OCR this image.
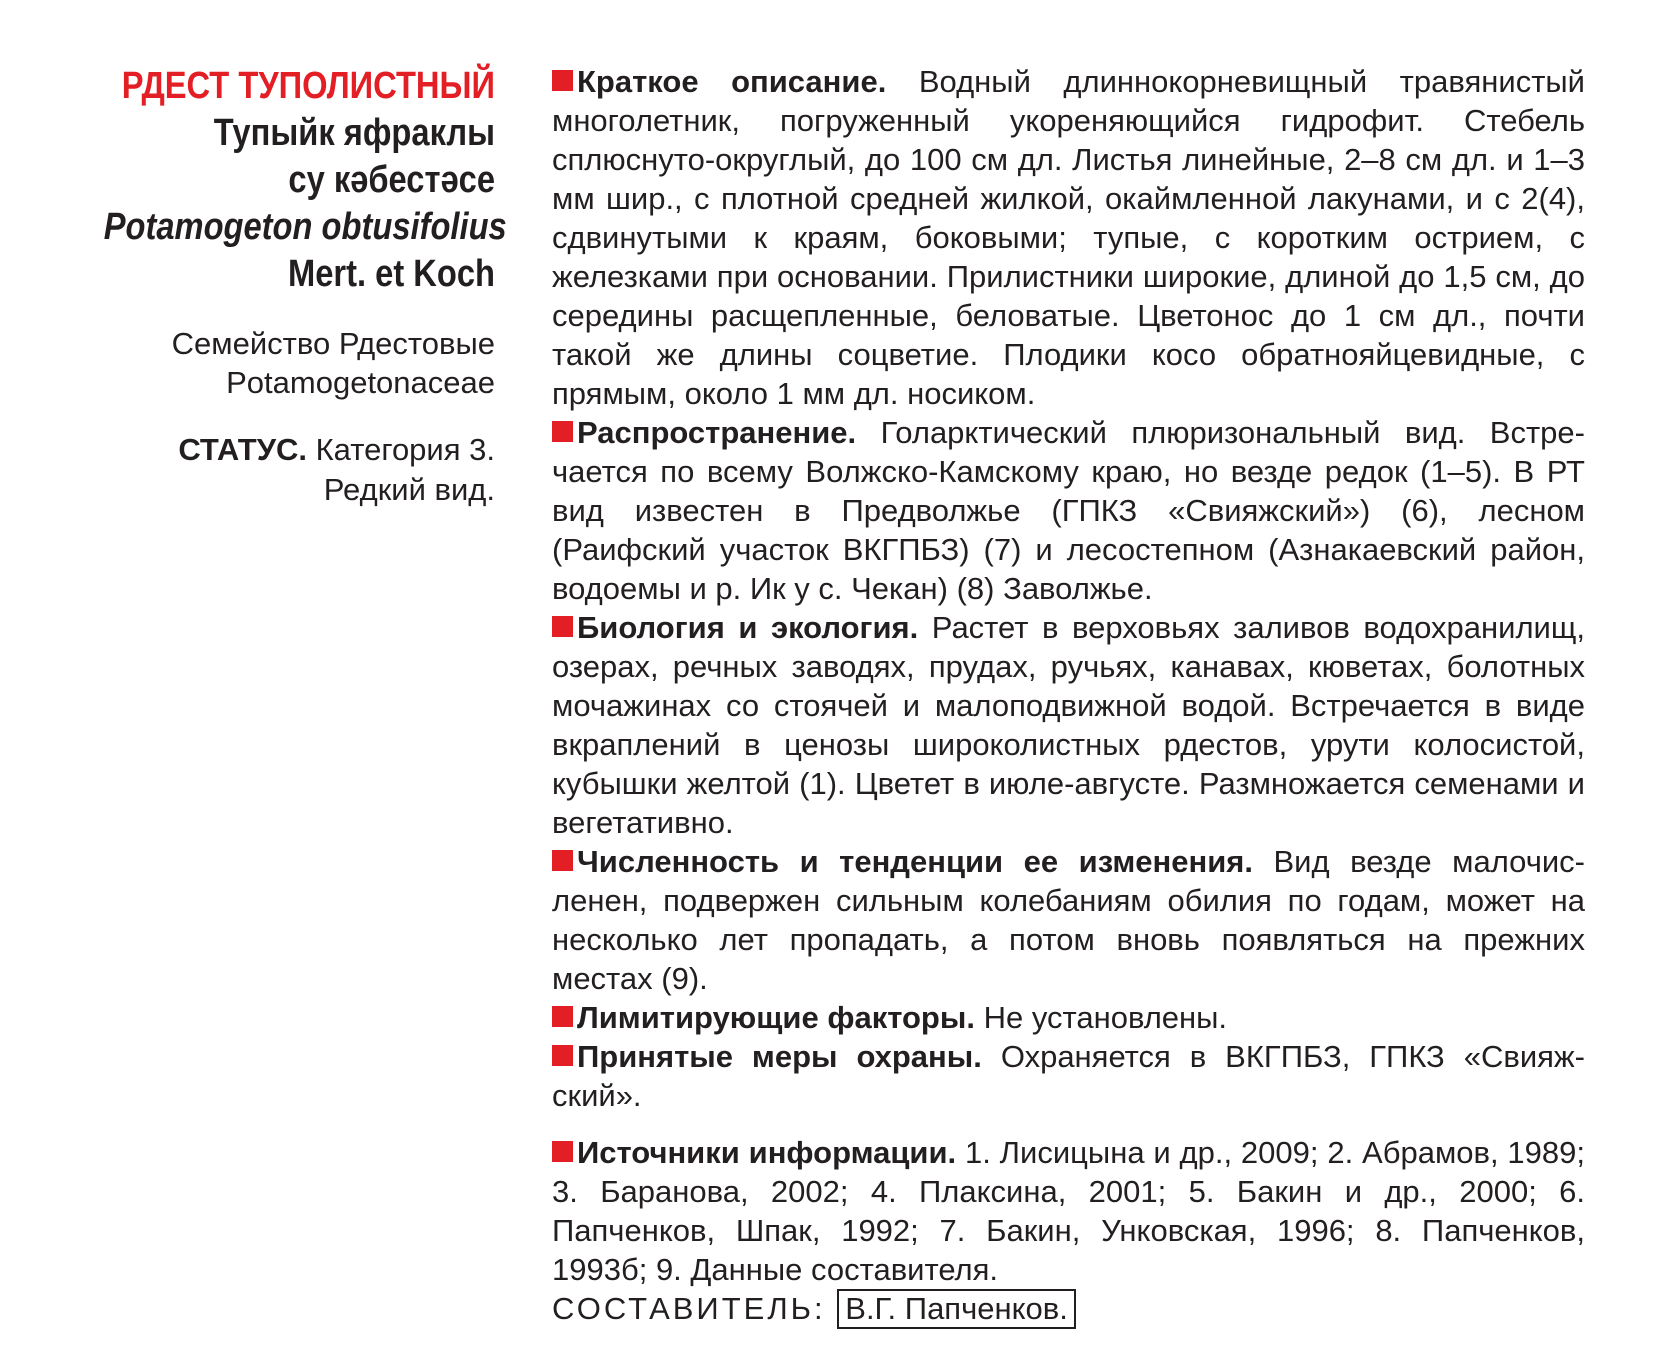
РДЕСТ ТУПОЛИСТНЫЙ
Тупыйк яфраклы
су кәбестәсе
Potamogeton obtusifolius
Mert. et Koch
Семейство Рдестовые
Potamogetonaceae
СТАТУС. Категория 3.
Редкий вид.

Краткое описание. Водный длиннокорневищный травянистый многолетник, погруженный укореняющийся гидрофит. Стебель сплюснуто-округлый, до 100 см дл. Листья линейные, 2–8 см дл. и 1–3 мм шир., с плотной средней жилкой, окаймленной лакунами, и с 2(4), сдвинутыми к краям, боковыми; тупые, с коротким острием, с железками при основании. Прилистники широкие, длиной до 1,5 см, до середины расщепленные, беловатые. Цветонос до 1 см дл., почти такой же длины соцветие. Плодики косо обратнояйцевидные, с прямым, около 1 мм дл. носиком.

Распространение. Голарктический плюризональный вид. Встречается по всему Волжско-Камскому краю, но везде редок (1–5). В РТ вид известен в Предволжье (ГПКЗ «Свияжский») (6), лесном (Раифский участок ВКГПБЗ) (7) и лесостепном (Азнакаевский район, водоемы и р. Ик у с. Чекан) (8) Заволжье.

Биология и экология. Растет в верховьях заливов водохранилищ, озерах, речных заводях, прудах, ручьях, канавах, кюветах, болотных мочажинах со стоячей и малоподвижной водой. Встречается в виде вкраплений в ценозы широколистных рдестов, урути колосистой, кубышки желтой (1). Цветет в июле-августе. Размножается семенами и вегетативно.

Численность и тенденции ее изменения. Вид везде малочисленен, подвержен сильным колебаниям обилия по годам, может на несколько лет пропадать, а потом вновь появляться на прежних местах (9).

Лимитирующие факторы. Не установлены.

Принятые меры охраны. Охраняется в ВКГПБЗ, ГПКЗ «Свияжский».

Источники информации. 1. Лисицына и др., 2009; 2. Абрамов, 1989; 3. Баранова, 2002; 4. Плаксина, 2001; 5. Бакин и др., 2000; 6. Папченков, Шпак, 1992; 7. Бакин, Унковская, 1996; 8. Папченков, 1993б; 9. Данные составителя.

СОСТАВИТЕЛЬ: В.Г. Папченков.
